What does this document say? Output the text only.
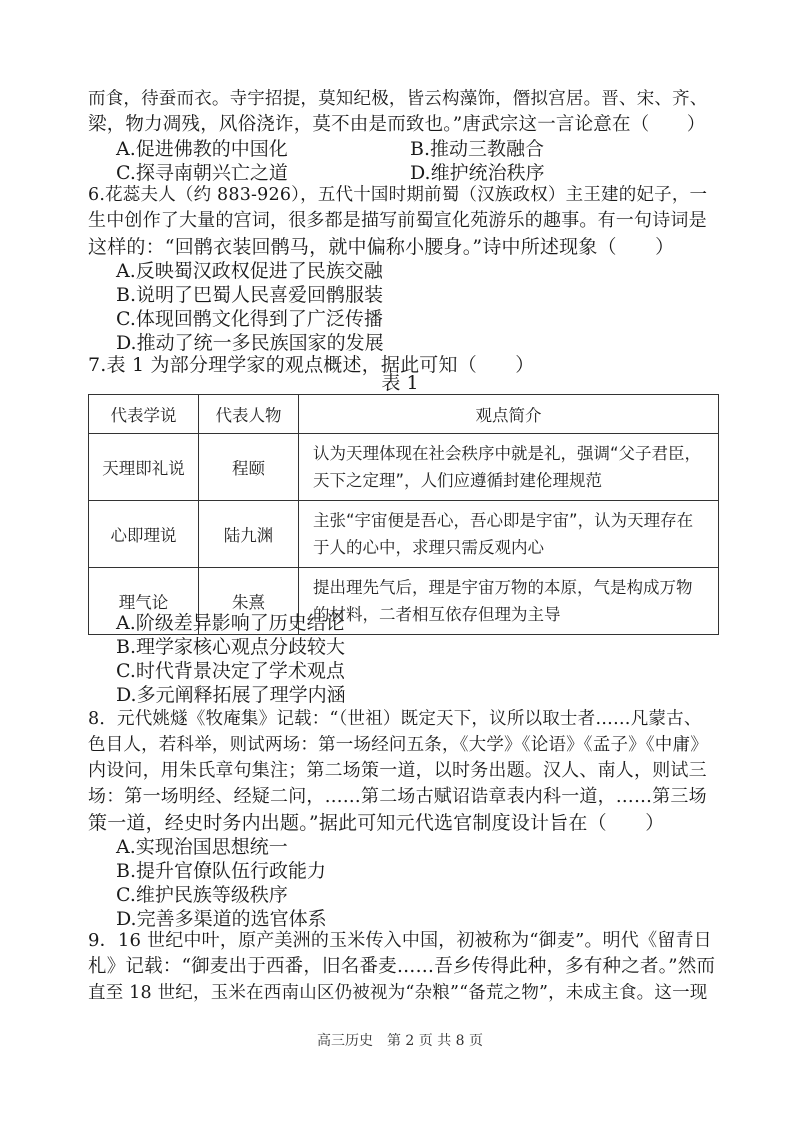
而食，待蚕而衣。寺宇招提，莫知纪极，皆云构藻饰，僭拟宫居。晋、宋、齐、
梁，物力凋残，风俗浇诈，莫不由是而致也。”唐武宗这一言论意在（　　）
A.促进佛教的中国化	B.推动三教融合
C.探寻南朝兴亡之道	D.维护统治秩序
6.花蕊夫人（约 883-926），五代十国时期前蜀（汉族政权）主王建的妃子，一
生中创作了大量的宫词，很多都是描写前蜀宣化苑游乐的趣事。有一句诗词是
这样的：“回鹘衣装回鹘马，就中偏称小腰身。”诗中所述现象（　　）
A.反映蜀汉政权促进了民族交融
B.说明了巴蜀人民喜爱回鹘服装
C.体现回鹘文化得到了广泛传播
D.推动了统一多民族国家的发展
7.表 1 为部分理学家的观点概述，据此可知（　　）
表 1
代表学说	代表人物	观点简介
天理即礼说	程颐	认为天理体现在社会秩序中就是礼，强调“父子君臣，天下之定理”，人们应遵循封建伦理规范
心即理说	陆九渊	主张“宇宙便是吾心，吾心即是宇宙”，认为天理存在于人的心中，求理只需反观内心
理气论	朱熹	提出理先气后，理是宇宙万物的本原，气是构成万物的材料，二者相互依存但理为主导
A.阶级差异影响了历史结论
B.理学家核心观点分歧较大
C.时代背景决定了学术观点
D.多元阐释拓展了理学内涵
8．元代姚燧《牧庵集》记载：“（世祖）既定天下，议所以取士者……凡蒙古、
色目人，若科举，则试两场：第一场经问五条，《大学》《论语》《孟子》《中庸》
内设问，用朱氏章句集注；第二场策一道，以时务出题。汉人、南人，则试三
场：第一场明经、经疑二问，……第二场古赋诏诰章表内科一道，……第三场
策一道，经史时务内出题。”据此可知元代选官制度设计旨在（　　）
A.实现治国思想统一
B.提升官僚队伍行政能力
C.维护民族等级秩序
D.完善多渠道的选官体系
9．16 世纪中叶，原产美洲的玉米传入中国，初被称为“御麦”。明代《留青日
札》记载：“御麦出于西番，旧名番麦……吾乡传得此种，多有种之者。”然而
直至 18 世纪，玉米在西南山区仍被视为“杂粮”“备荒之物”，未成主食。这一现
高三历史　第 2 页 共 8 页
